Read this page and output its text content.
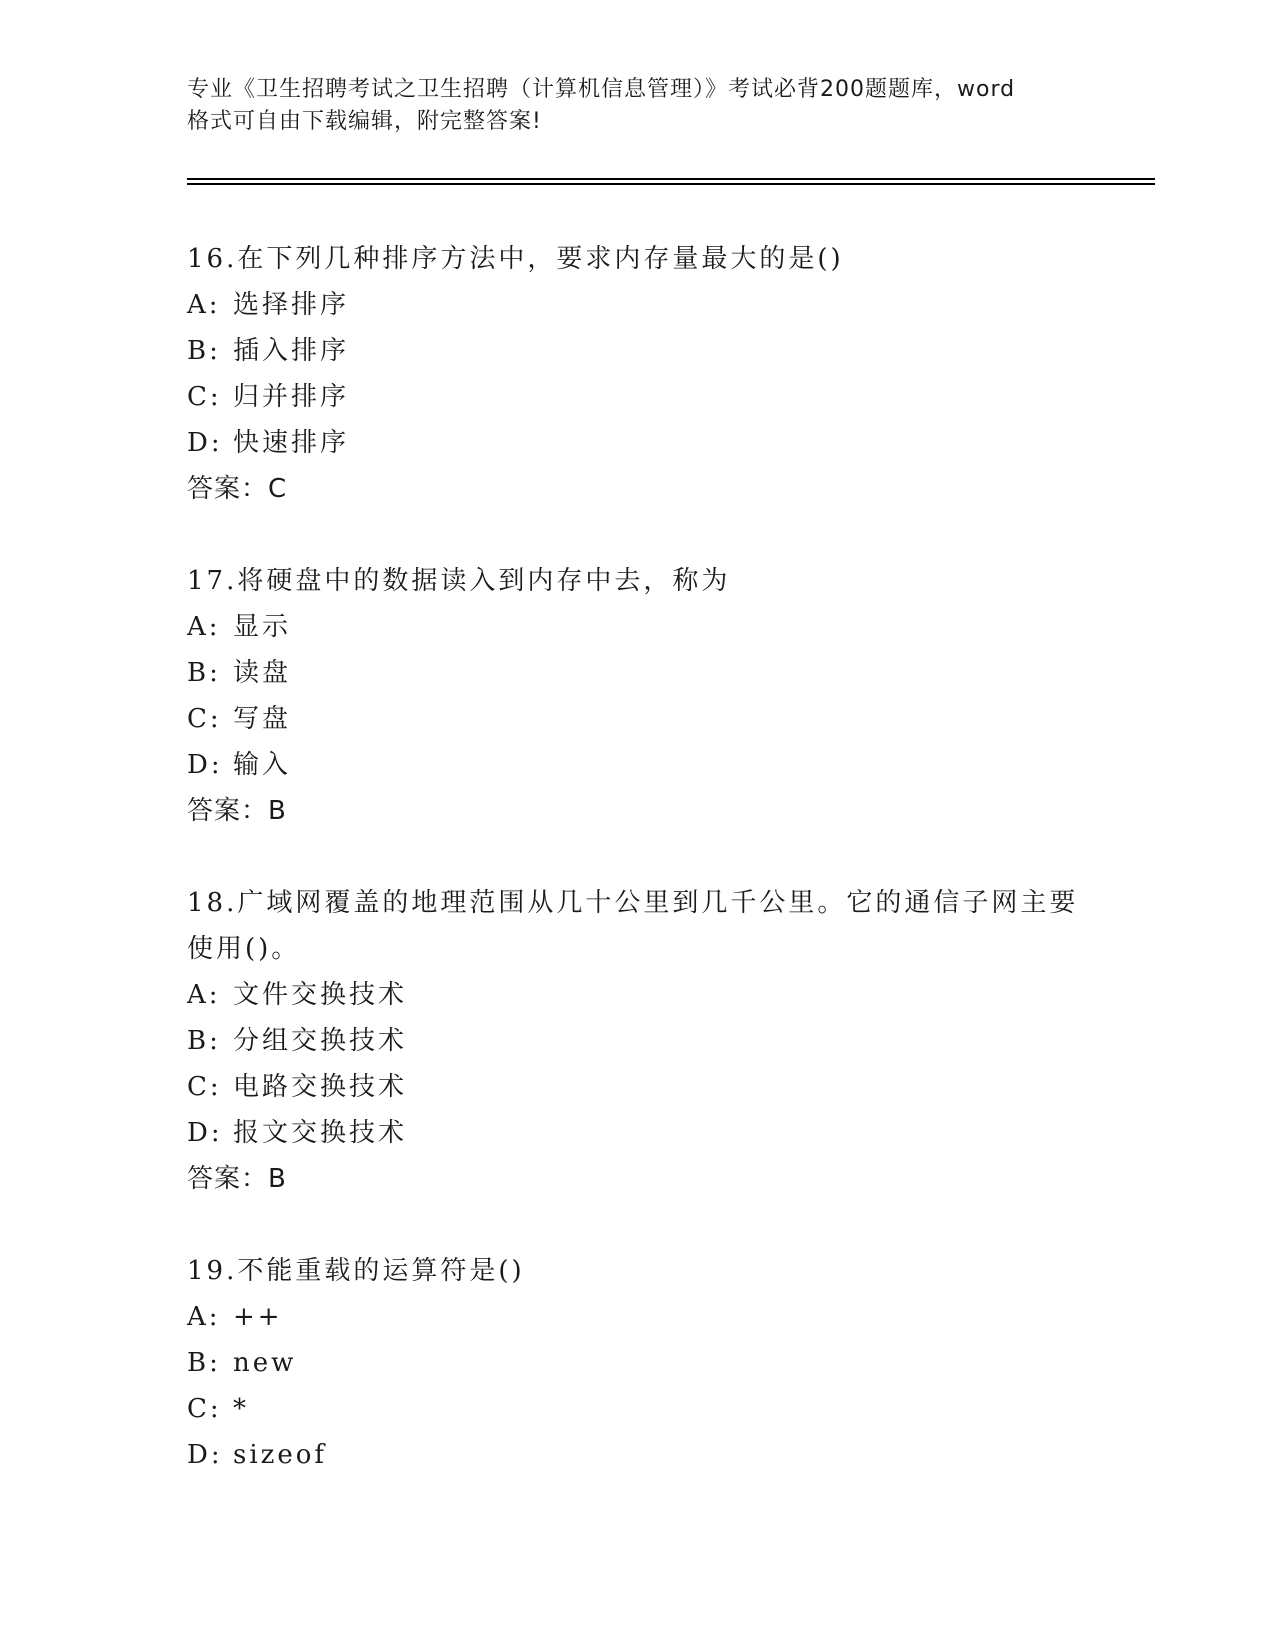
专业《卫生招聘考试之卫生招聘（计算机信息管理）》考试必背200题题库，word
格式可自由下载编辑，附完整答案!
16.在下列几种排序方法中，要求内存量最大的是()
A: 选择排序
B: 插入排序
C: 归并排序
D: 快速排序
答案：C
17.将硬盘中的数据读入到内存中去，称为
A: 显示
B: 读盘
C: 写盘
D: 输入
答案：B
18.广域网覆盖的地理范围从几十公里到几千公里。它的通信子网主要使用()。
A: 文件交换技术
B: 分组交换技术
C: 电路交换技术
D: 报文交换技术
答案：B
19.不能重载的运算符是()
A: ++
B: new
C: *
D: sizeof
